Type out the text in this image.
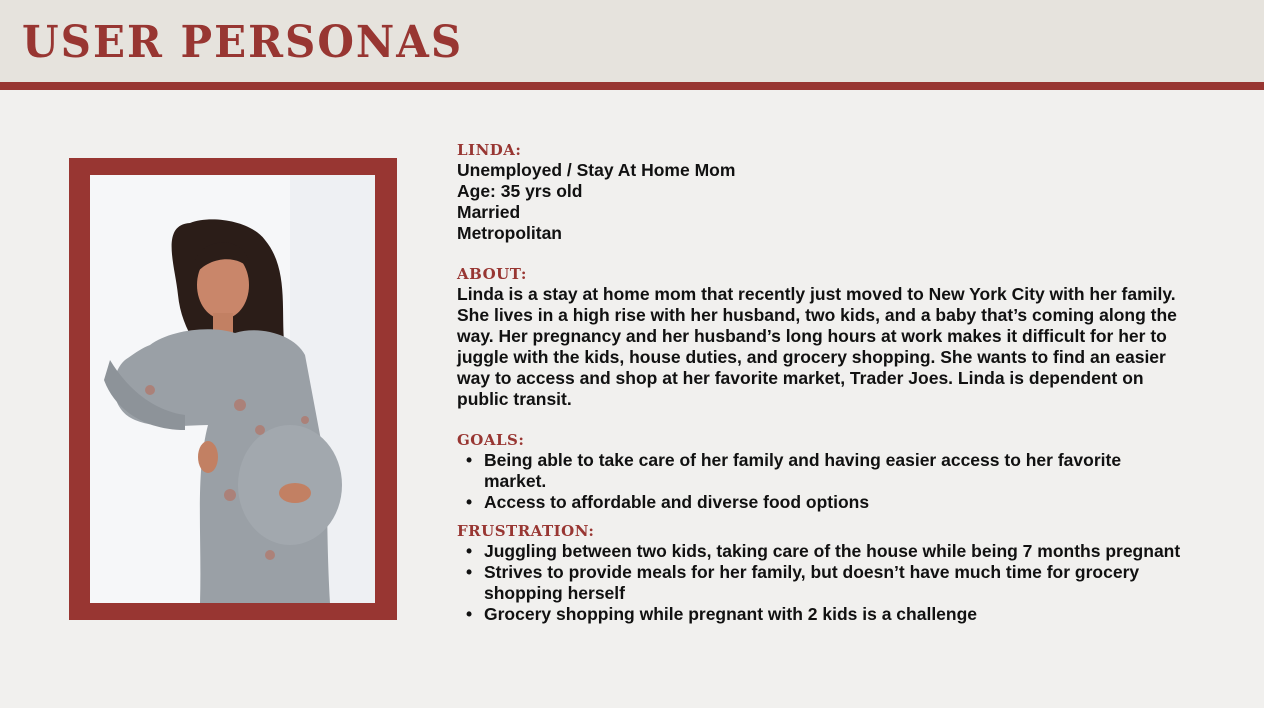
USER PERSONAS
LINDA:
Unemployed / Stay At Home Mom
Age: 35 yrs old
Married
Metropolitan
ABOUT:
Linda is a stay at home mom that recently just moved to New York City with her family.
She lives in a high rise with her husband, two kids, and a baby that’s coming along the
way. Her pregnancy and her husband’s long hours at work makes it difficult for her to
juggle with the kids, house duties, and grocery shopping. She wants to find an easier
way to access and shop at her favorite market, Trader Joes. Linda is dependent on
public transit.
GOALS:
• Being able to take care of her family and having easier access to her favorite market.
• Access to affordable and diverse food options
FRUSTRATION:
• Juggling between two kids, taking care of the house while being 7 months pregnant
• Strives to provide meals for her family, but doesn’t have much time for grocery shopping herself
• Grocery shopping while pregnant with 2 kids is a challenge
